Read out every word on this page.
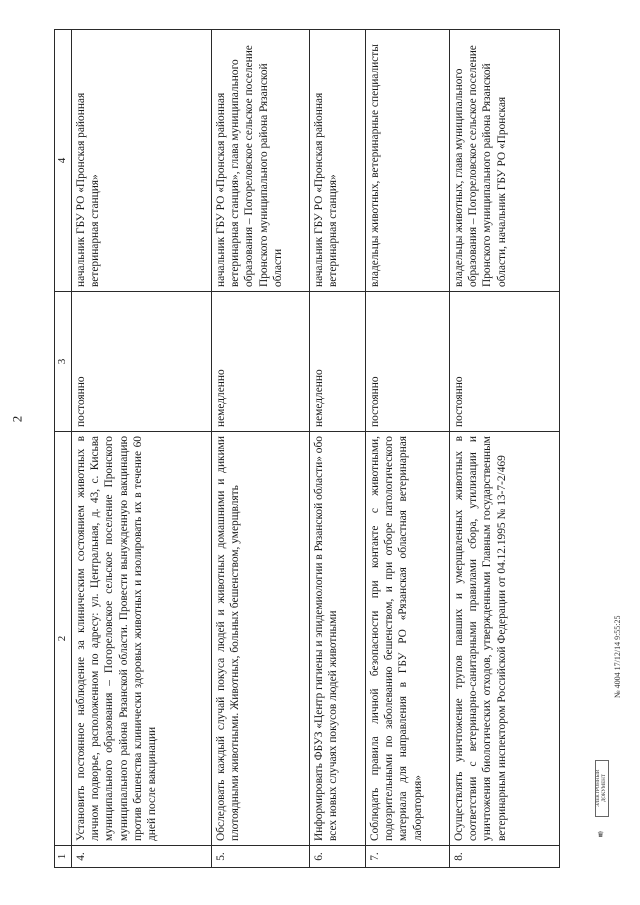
2
1	2	3	4
4.	Установить постоянное наблюдение за клиническим состоянием животных в личном подворье, расположенном по адресу: ул. Центральная, д. 43, с. Кисьва муниципального образования – Погореловское сельское поселение Пронского муниципального района Рязанской области. Провести вынужденную вакцинацию против бешенства клинически здоровых животных и изолировать их в течение 60 дней после вакцинации	постоянно	начальник ГБУ РО «Пронская районная ветеринарная станция»
5.	Обследовать каждый случай покуса людей и животных домашними и дикими плотоядными животными. Животных, больных бешенством, умерщвлять	немедленно	начальник ГБУ РО «Пронская районная ветеринарная станция», глава муниципального образования – Погореловское сельское поселение Пронского муниципального района Рязанской области
6.	Информировать ФБУЗ «Центр гигиены и эпидемиологии в Рязанской области» обо всех новых случаях покусов людей животными	немедленно	начальник ГБУ РО «Пронская районная ветеринарная станция»
7.	Соблюдать правила личной безопасности при контакте с животными, подозрительными по заболеванию бешенством, и при отборе патологического материала для направления в ГБУ РО «Рязанская областная ветеринарная лаборатория»	постоянно	владельцы животных, ветеринарные специалисты
8.	Осуществлять уничтожение трупов павших и умерщвленных животных в соответствии с ветеринарно-санитарными правилами сбора, утилизации и уничтожения биологических отходов, утвержденными Главным государственным ветеринарным инспектором Российской Федерации от 04.12.1995 № 13-7-2/469	постоянно	владельцы животных, глава муниципального образования – Погореловское сельское поселение Пронского муниципального района Рязанской области, начальник ГБУ РО «Пронская
♛
ЭЛЕКТРОННЫЙ ДОКУМЕНТ
№ 4004 17/12/14 9:55:25
